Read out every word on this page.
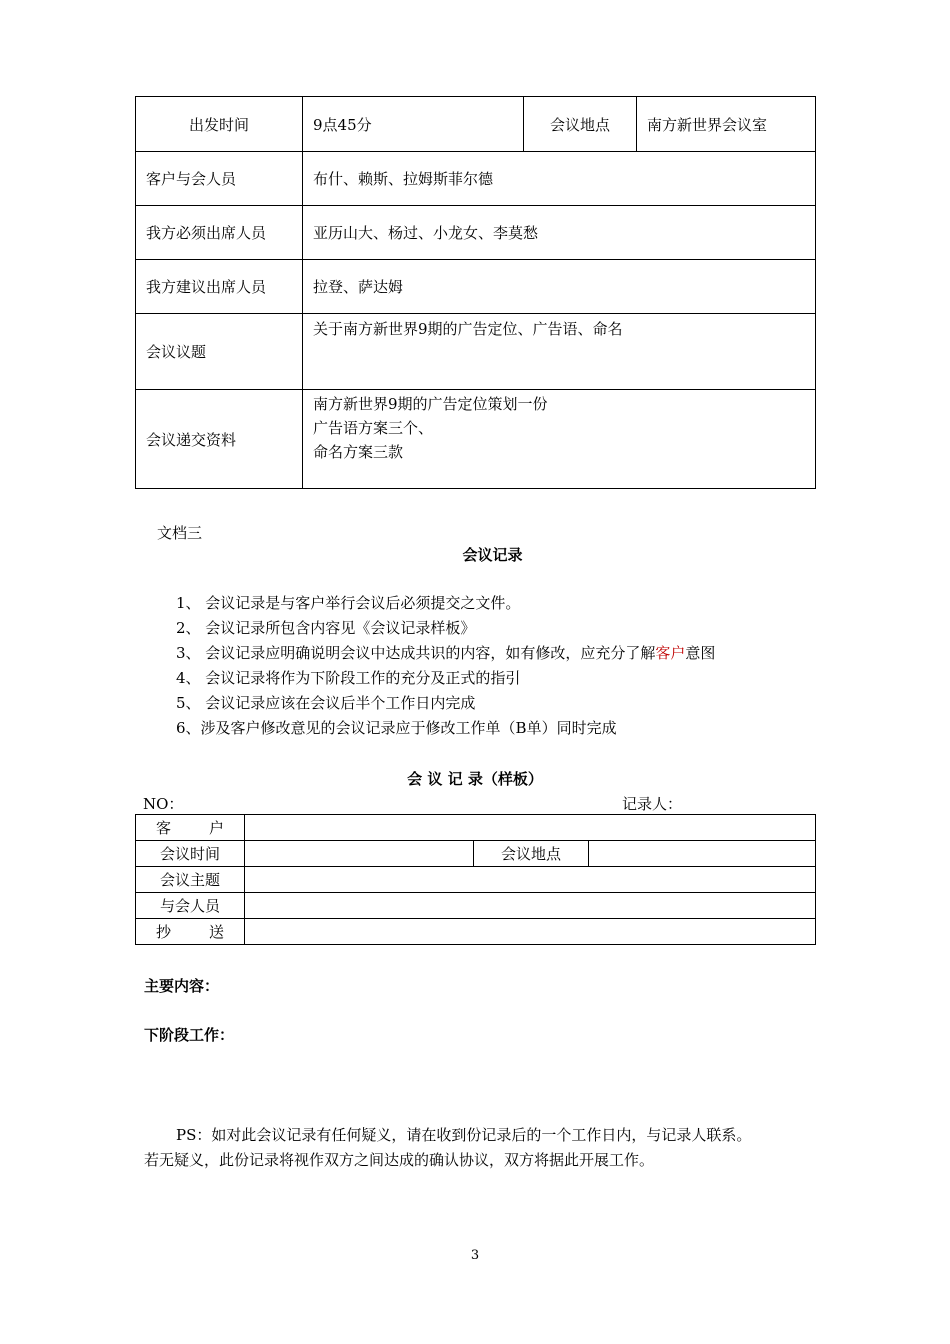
出发时间	9点45分	会议地点	南方新世界会议室
客户与会人员	布什、赖斯、拉姆斯菲尔德		
我方必须出席人员	亚历山大、杨过、小龙女、李莫愁		
我方建议出席人员	拉登、萨达姆		
会议议题	关于南方新世界9期的广告定位、广告语、命名		
会议递交资料	南方新世界9期的广告定位策划一份
广告语方案三个、
命名方案三款		
文档三
会议记录
1、 会议记录是与客户举行会议后必须提交之文件。
2、 会议记录所包含内容见《会议记录样板》
3、 会议记录应明确说明会议中达成共识的内容，如有修改，应充分了解客户意图
4、 会议记录将作为下阶段工作的充分及正式的指引
5、 会议记录应该在会议后半个工作日内完成
6、涉及客户修改意见的会议记录应于修改工作单（B单）同时完成
会 议 记 录（样板）
NO：	记录人：
客 户			

会议时间		会议地点	
会议主题			
与会人员			

抄 送			

主要内容：
下阶段工作：
PS：如对此会议记录有任何疑义，请在收到份记录后的一个工作日内，与记录人联系。
若无疑义，此份记录将视作双方之间达成的确认协议，双方将据此开展工作。
3
